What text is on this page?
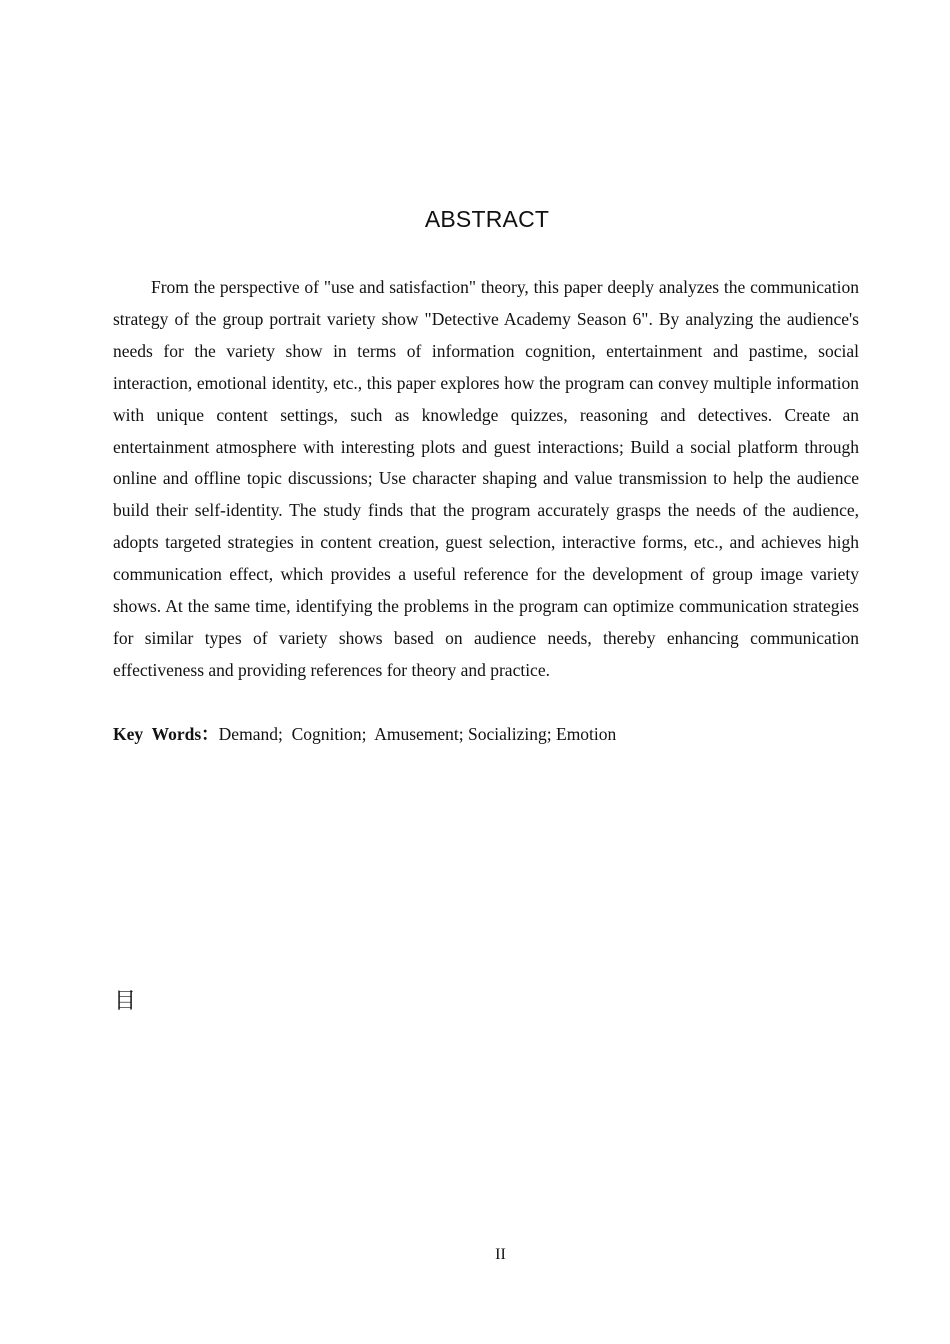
ABSTRACT

From the perspective of "use and satisfaction" theory, this paper deeply analyzes the communication strategy of the group portrait variety show "Detective Academy Season 6". By analyzing the audience's needs for the variety show in terms of information cognition, entertainment and pastime, social interaction, emotional identity, etc., this paper explores how the program can convey multiple information with unique content settings, such as knowledge quizzes, reasoning and detectives. Create an entertainment atmosphere with interesting plots and guest interactions; Build a social platform through online and offline topic discussions; Use character shaping and value transmission to help the audience build their self-identity. The study finds that the program accurately grasps the needs of the audience, adopts targeted strategies in content creation, guest selection, interactive forms, etc., and achieves high communication effect, which provides a useful reference for the development of group image variety shows. At the same time, identifying the problems in the program can optimize communication strategies for similar types of variety shows based on audience needs, thereby enhancing communication effectiveness and providing references for theory and practice.

Key  Words：Demand;  Cognition;  Amusement; Socializing; Emotion

目
II
